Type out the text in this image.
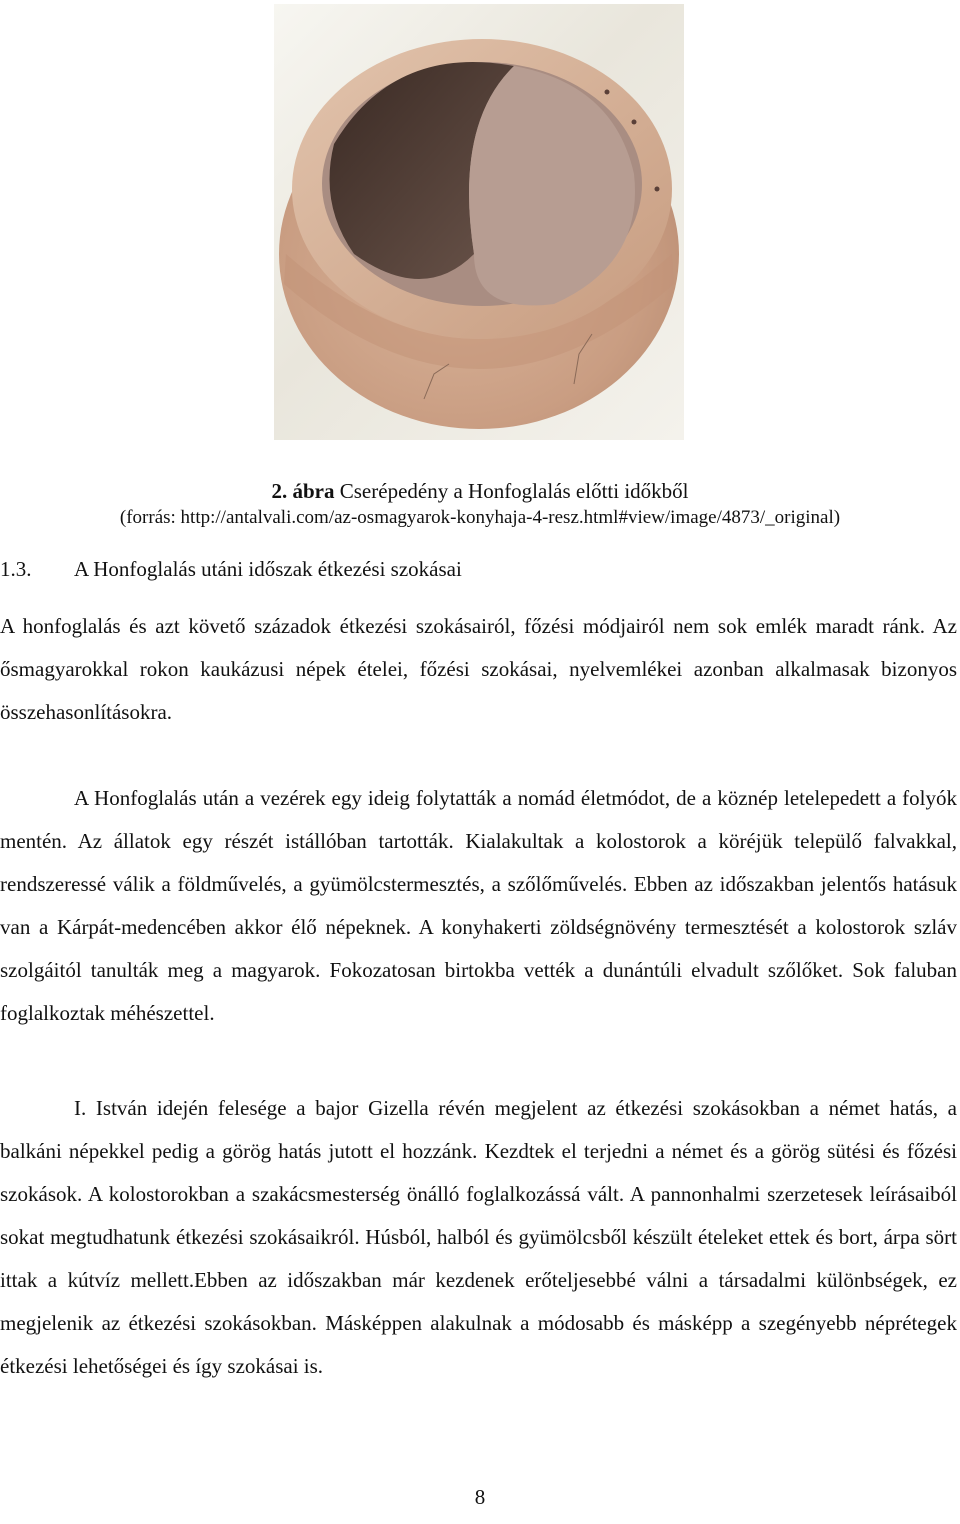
2. ábra Cserépedény a Honfoglalás előtti időkből
(forrás: http://antalvali.com/az-osmagyarok-konyhaja-4-resz.html#view/image/4873/_original)
1.3. A Honfoglalás utáni időszak étkezési szokásai

A honfoglalás és azt követő századok étkezési szokásairól, főzési módjairól nem sok emlék maradt ránk. Az ősmagyarokkal rokon kaukázusi népek ételei, főzési szokásai, nyelvemlékei azonban alkalmasak bizonyos összehasonlításokra.

A Honfoglalás után a vezérek egy ideig folytatták a nomád életmódot, de a köznép letelepedett a folyók mentén. Az állatok egy részét istállóban tartották. Kialakultak a kolostorok a köréjük települő falvakkal, rendszeressé válik a földművelés, a gyümölcstermesztés, a szőlőművelés. Ebben az időszakban jelentős hatásuk van a Kárpát-medencében akkor élő népeknek. A konyhakerti zöldségnövény termesztését a kolostorok szláv szolgáitól tanulták meg a magyarok. Fokozatosan birtokba vették a dunántúli elvadult szőlőket. Sok faluban foglalkoztak méhészettel.

I. István idején felesége a bajor Gizella révén megjelent az étkezési szokásokban a német hatás, a balkáni népekkel pedig a görög hatás jutott el hozzánk. Kezdtek el terjedni a német és a görög sütési és főzési szokások. A kolostorokban a szakácsmesterség önálló foglalkozássá vált. A pannonhalmi szerzetesek leírásaiból sokat megtudhatunk étkezési szokásaikról. Húsból, halból és gyümölcsből készült ételeket ettek és bort, árpa sört ittak a kútvíz mellett.Ebben az időszakban már kezdenek erőteljesebbé válni a társadalmi különbségek, ez megjelenik az étkezési szokásokban. Másképpen alakulnak a módosabb és másképp a szegényebb néprétegek étkezési lehetőségei és így szokásai is.

8
